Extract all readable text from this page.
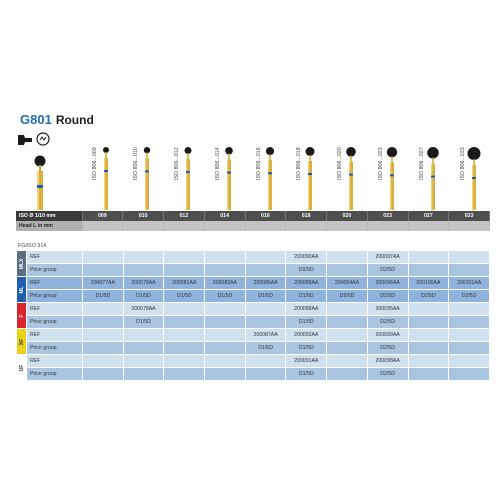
G801 Round
ISO 806...009	ISO 806...010	ISO 806...012	ISO 806...014	ISO 806...016	ISO 806...018	ISO 806...020	ISO 806...023	ISO 806...027	ISO 806...033
ISO Ø 1/10 mm	009	010	012	014	016	018	020	023	027	033
Head L in mm										
FG/ISO 314
MLX	REF						200090AA		200097AA		
	Price group						D2/5D		D2/5D		

ML	REF	200077AA	200079AA	200081AA	200083AA	200086AA	200089AA	200094AA	200096AA	200100AA	200101AA
	Price group	D1/5D	D1/5D	D1/5D	D1/5D	D1/5D	D1/5D	D2/5D	D2/5D	D2/5D	D2/5D

F	REF		200078AA				200088AA		200095AA		
	Price group		D1/5D				D1/5D		D2/5D		

XF	REF					200087AA	200092AA		200099AA		
	Price group					D1/5D	D1/5D		D2/5D		

UF	REF						200091AA		200098AA		
	Price group						D1/5D		D2/5D		
